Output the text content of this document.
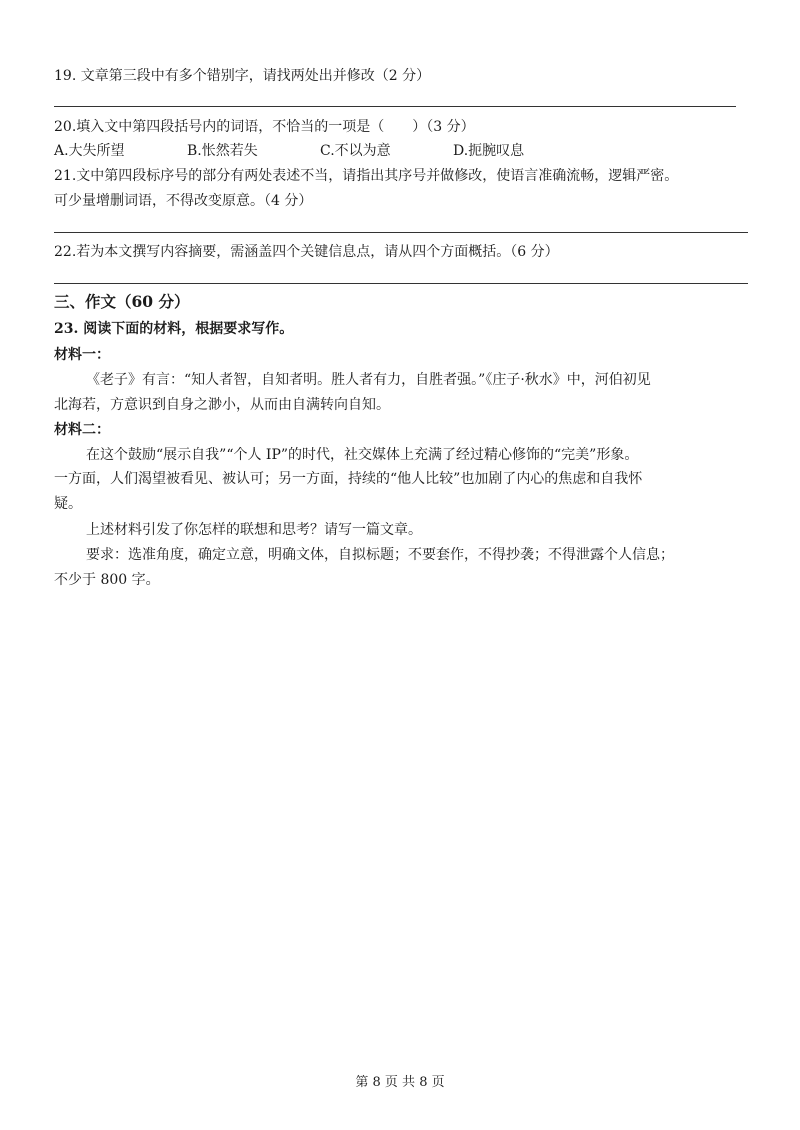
19. 文章第三段中有多个错别字，请找两处出并修改（2 分）
20.填入文中第四段括号内的词语，不恰当的一项是（　　）（3 分）
A.大失所望	B.怅然若失	C.不以为意	D.扼腕叹息
21.文中第四段标序号的部分有两处表述不当，请指出其序号并做修改，使语言准确流畅，逻辑严密。
可少量增删词语，不得改变原意。（4 分）
22.若为本文撰写内容摘要，需涵盖四个关键信息点，请从四个方面概括。（6 分）
三、作文（60 分）
23. 阅读下面的材料，根据要求写作。
材料一：
《老子》有言：“知人者智，自知者明。胜人者有力，自胜者强。”《庄子·秋水》中，河伯初见
北海若，方意识到自身之渺小，从而由自满转向自知。
材料二：
在这个鼓励“展示自我”“个人 IP”的时代，社交媒体上充满了经过精心修饰的“完美”形象。
一方面，人们渴望被看见、被认可；另一方面，持续的“他人比较”也加剧了内心的焦虑和自我怀
疑。
上述材料引发了你怎样的联想和思考？请写一篇文章。
要求：选准角度，确定立意，明确文体，自拟标题；不要套作，不得抄袭；不得泄露个人信息；
不少于 800 字。
第 8 页 共 8 页
